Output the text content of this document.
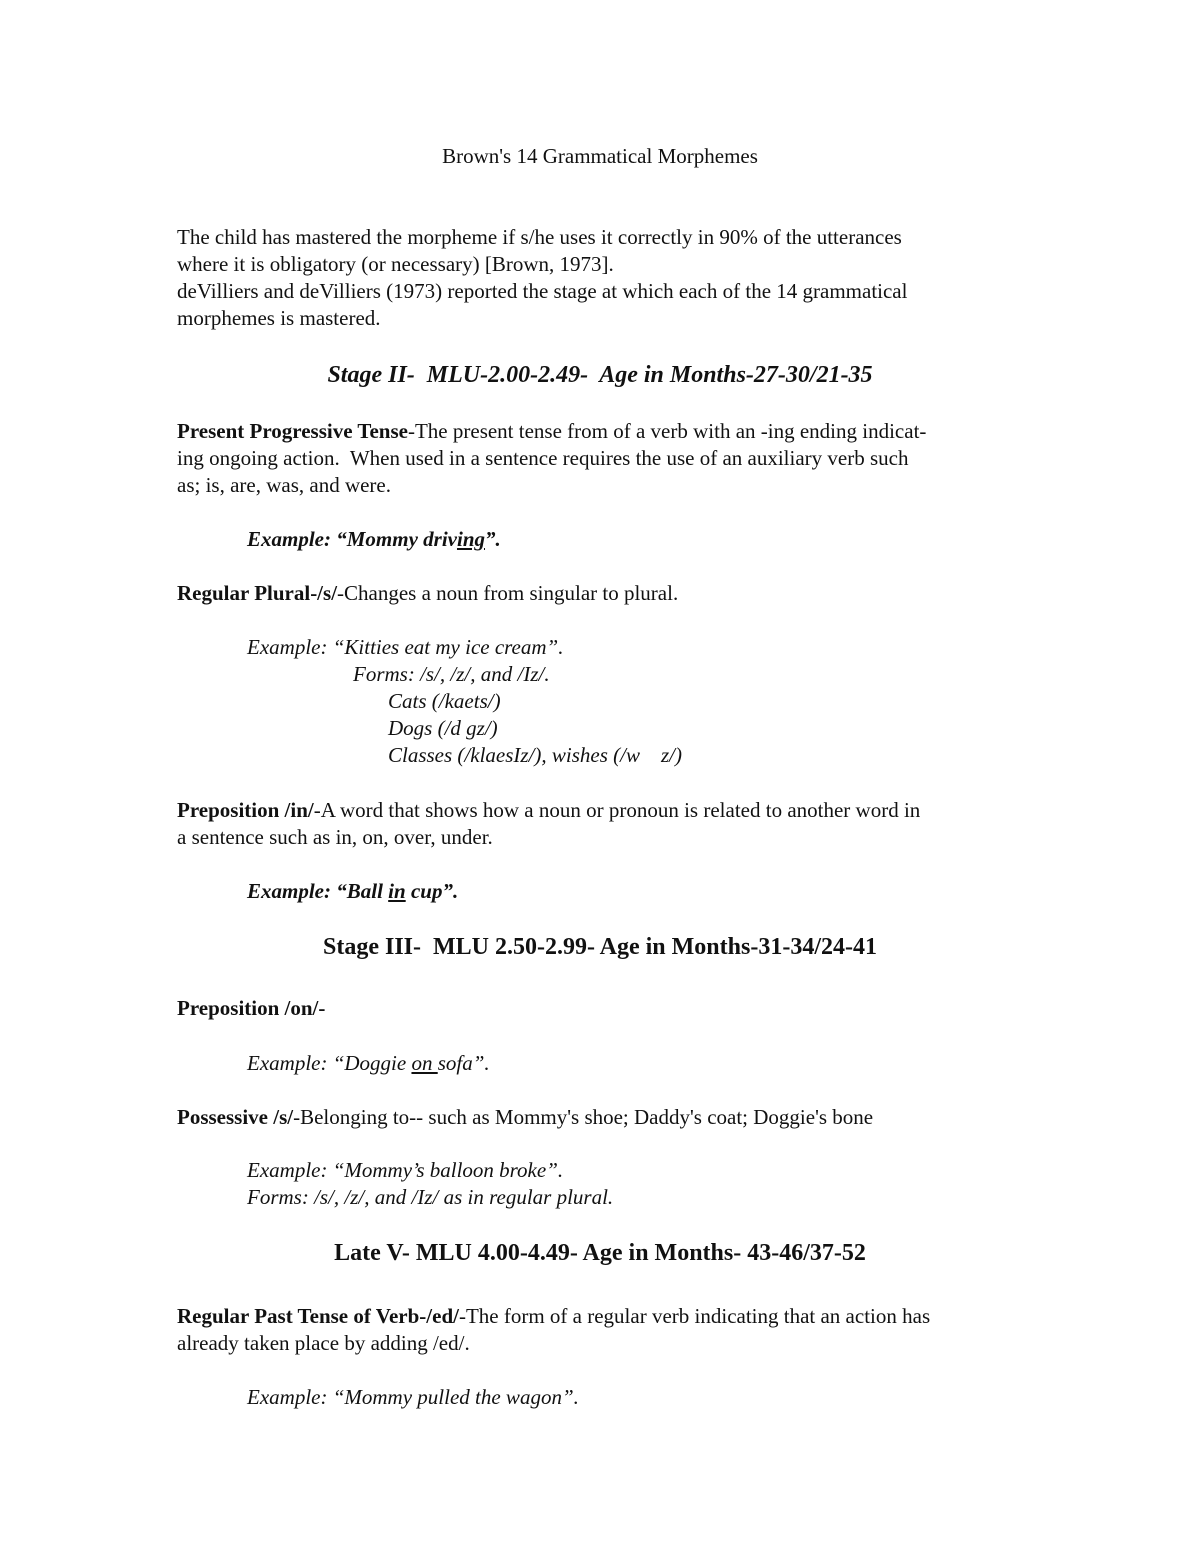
Brown's 14 Grammatical Morphemes
The child has mastered the morpheme if s/he uses it correctly in 90% of the utterances
where it is obligatory (or necessary) [Brown, 1973].
deVilliers and deVilliers (1973) reported the stage at which each of the 14 grammatical
morphemes is mastered.
Stage II-  MLU-2.00-2.49-  Age in Months-27-30/21-35
Present Progressive Tense-The present tense from of a verb with an -ing ending indicat-
ing ongoing action.  When used in a sentence requires the use of an auxiliary verb such
as; is, are, was, and were.
Example: “Mommy driving”.
Regular Plural-/s/-Changes a noun from singular to plural.
Example: “Kitties eat my ice cream”.
Forms: /s/, /z/, and /Iz/.
Cats (/kaets/)
Dogs (/d gz/)
Classes (/klaesIz/), wishes (/w    z/)
Preposition /in/-A word that shows how a noun or pronoun is related to another word in
a sentence such as in, on, over, under.
Example: “Ball in cup”.
Stage III-  MLU 2.50-2.99- Age in Months-31-34/24-41
Preposition /on/-
Example: “Doggie on sofa”.
Possessive /s/-Belonging to-- such as Mommy's shoe; Daddy's coat; Doggie's bone
Example: “Mommy’s balloon broke”.
Forms: /s/, /z/, and /Iz/ as in regular plural.
Late V- MLU 4.00-4.49- Age in Months- 43-46/37-52
Regular Past Tense of Verb-/ed/-The form of a regular verb indicating that an action has
already taken place by adding /ed/.
Example: “Mommy pulled the wagon”.
